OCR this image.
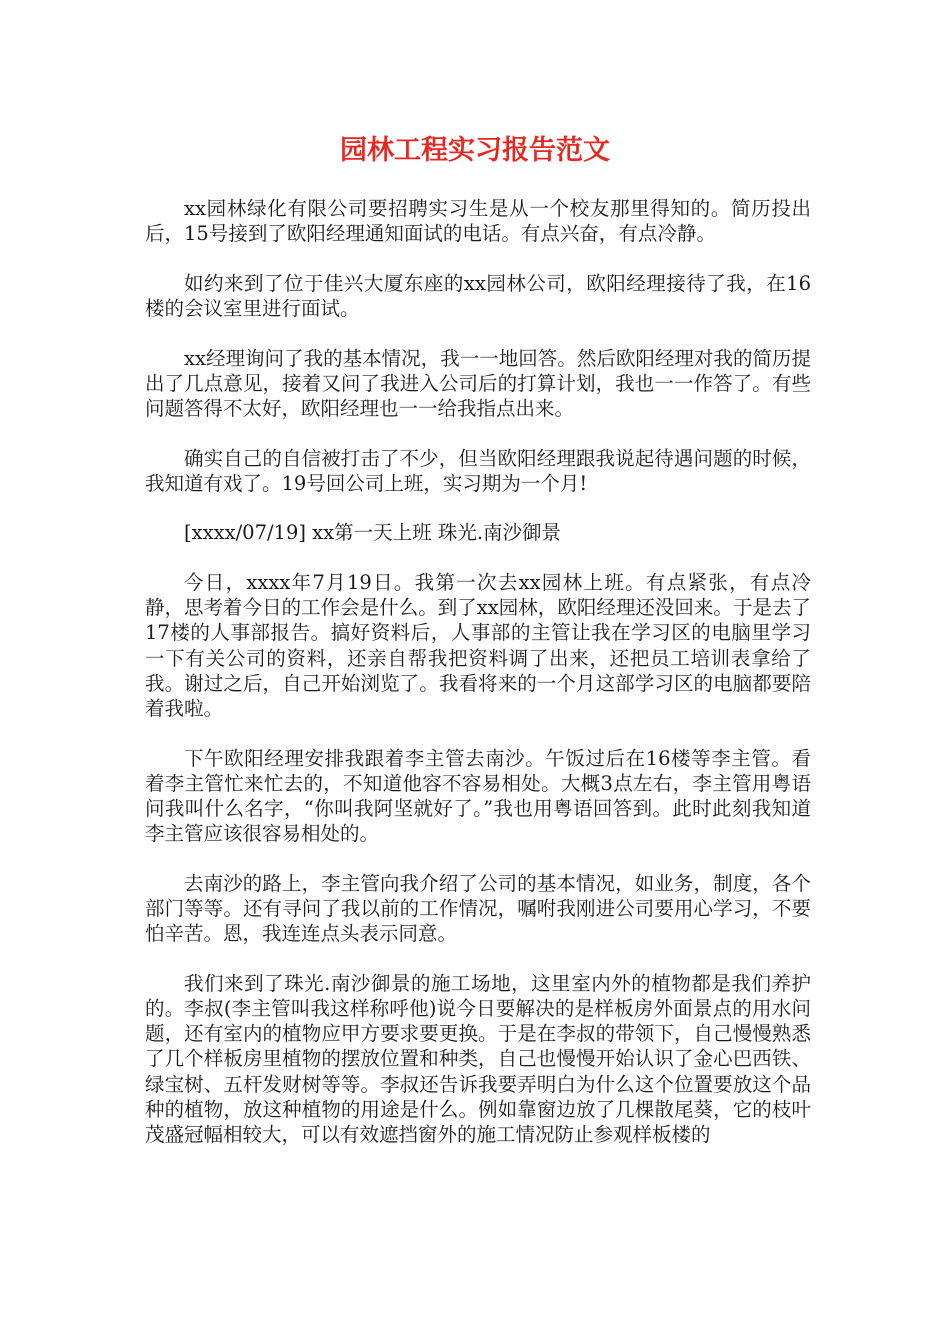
园林工程实习报告范文

xx园林绿化有限公司要招聘实习生是从一个校友那里得知的。简历投出后，15号接到了欧阳经理通知面试的电话。有点兴奋，有点冷静。

如约来到了位于佳兴大厦东座的xx园林公司，欧阳经理接待了我，在16楼的会议室里进行面试。

xx经理询问了我的基本情况，我一一地回答。然后欧阳经理对我的简历提出了几点意见，接着又问了我进入公司后的打算计划，我也一一作答了。有些问题答得不太好，欧阳经理也一一给我指点出来。

确实自己的自信被打击了不少，但当欧阳经理跟我说起待遇问题的时候，我知道有戏了。19号回公司上班，实习期为一个月!

[xxxx/07/19] xx第一天上班 珠光.南沙御景

今日，xxxx年7月19日。我第一次去xx园林上班。有点紧张，有点冷静，思考着今日的工作会是什么。到了xx园林，欧阳经理还没回来。于是去了17楼的人事部报告。搞好资料后，人事部的主管让我在学习区的电脑里学习一下有关公司的资料，还亲自帮我把资料调了出来，还把员工培训表拿给了我。谢过之后，自己开始浏览了。我看将来的一个月这部学习区的电脑都要陪着我啦。

下午欧阳经理安排我跟着李主管去南沙。午饭过后在16楼等李主管。看着李主管忙来忙去的，不知道他容不容易相处。大概3点左右，李主管用粤语问我叫什么名字，“你叫我阿坚就好了。”我也用粤语回答到。此时此刻我知道李主管应该很容易相处的。

去南沙的路上，李主管向我介绍了公司的基本情况，如业务，制度，各个部门等等。还有寻问了我以前的工作情况，嘱咐我刚进公司要用心学习，不要怕辛苦。恩，我连连点头表示同意。

我们来到了珠光.南沙御景的施工场地，这里室内外的植物都是我们养护的。李叔(李主管叫我这样称呼他)说今日要解决的是样板房外面景点的用水问题，还有室内的植物应甲方要求要更换。于是在李叔的带领下，自己慢慢熟悉了几个样板房里植物的摆放位置和种类，自己也慢慢开始认识了金心巴西铁、绿宝树、五杆发财树等等。李叔还告诉我要弄明白为什么这个位置要放这个品种的植物，放这种植物的用途是什么。例如靠窗边放了几棵散尾葵，它的枝叶茂盛冠幅相较大，可以有效遮挡窗外的施工情况防止参观样板楼的
